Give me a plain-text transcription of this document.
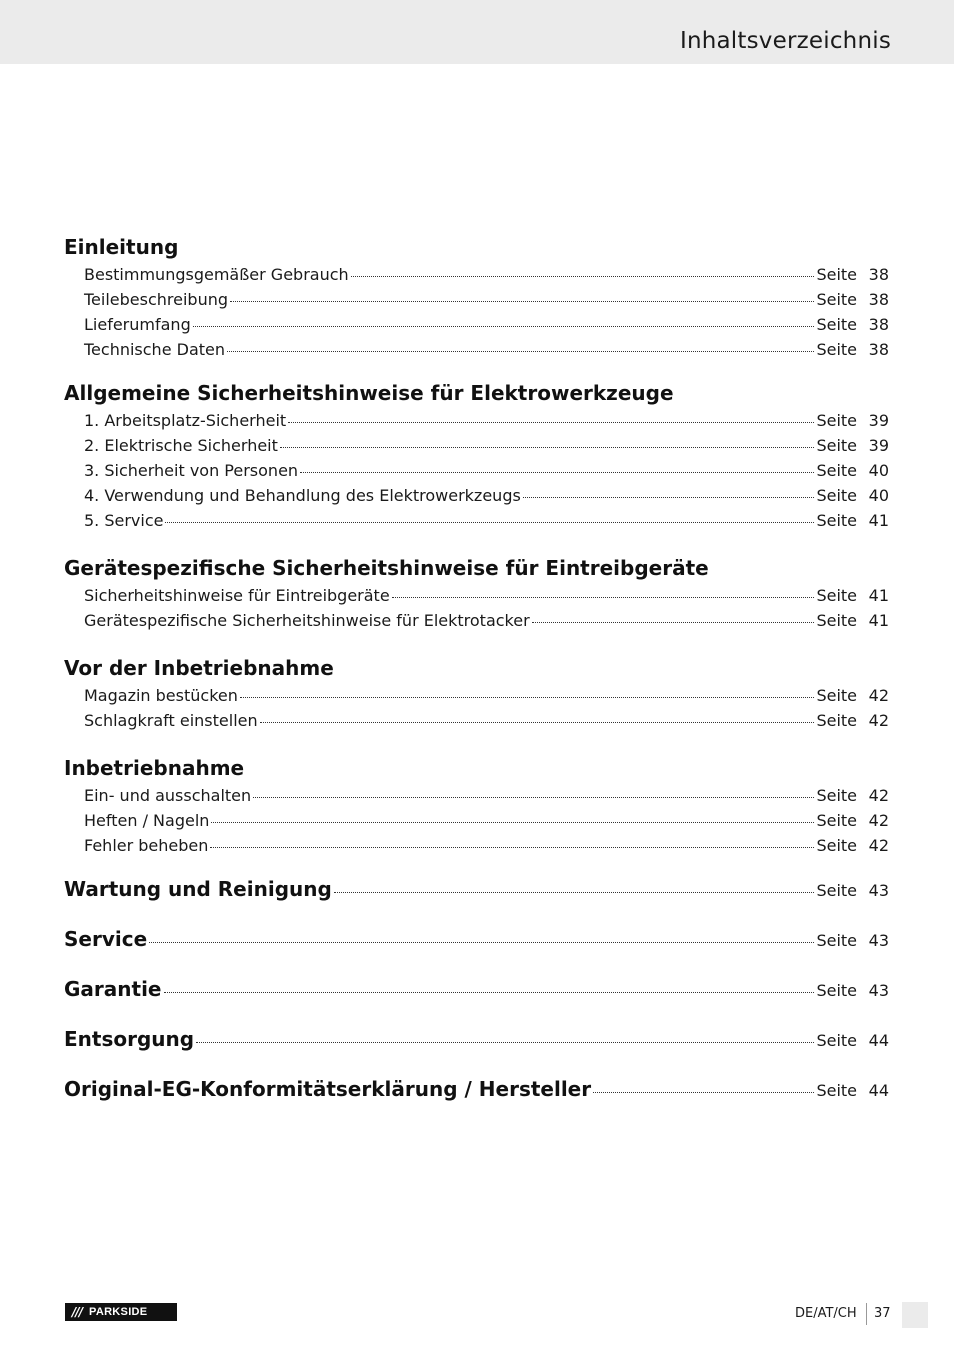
Inhaltsverzeichnis
Einleitung
Bestimmungsgemäßer Gebrauch	Seite 38
Teilebeschreibung	Seite 38
Lieferumfang	Seite 38
Technische Daten	Seite 38
Allgemeine Sicherheitshinweise für Elektrowerkzeuge
1. Arbeitsplatz-Sicherheit	Seite 39
2. Elektrische Sicherheit	Seite 39
3. Sicherheit von Personen	Seite 40
4. Verwendung und Behandlung des Elektrowerkzeugs	Seite 40
5. Service	Seite 41
Gerätespezifische Sicherheitshinweise für Eintreibgeräte
Sicherheitshinweise für Eintreibgeräte	Seite 41
Gerätespezifische Sicherheitshinweise für Elektrotacker	Seite 41
Vor der Inbetriebnahme
Magazin bestücken	Seite 42
Schlagkraft einstellen	Seite 42
Inbetriebnahme
Ein- und ausschalten	Seite 42
Heften / Nageln	Seite 42
Fehler beheben	Seite 42
Wartung und Reinigung	Seite 43
Service	Seite 43
Garantie	Seite 43
Entsorgung	Seite 44
Original-EG-Konformitätserklärung / Hersteller	Seite 44
/// PARKSIDE	DE/AT/CH 37
